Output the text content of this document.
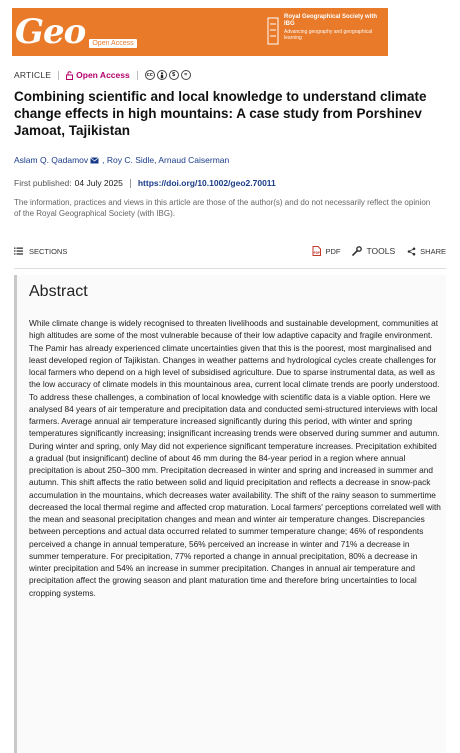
Geo	Open Access
Royal Geographical Society with IBG
Advancing geography and geographical learning
ARTICLE	Open Access	cc	$	=
Combining scientific and local knowledge to understand climate change effects in high mountains: A case study from Porshinev Jamoat, Tajikistan
Aslam Q. Qadamov , Roy C. Sidle, Arnaud Caiserman
First published: 04 July 2025 https://doi.org/10.1002/geo2.70011
The information, practices and views in this article are those of the author(s) and do not necessarily reflect the opinion of the Royal Geographical Society (with IBG).
SECTIONS	PDF PDF	TOOLS	SHARE
Abstract

While climate change is widely recognised to threaten livelihoods and sustainable development, communities at high altitudes are some of the most vulnerable because of their low adaptive capacity and fragile environment. The Pamir has already experienced climate uncertainties given that this is the poorest, most marginalised and least developed region of Tajikistan. Changes in weather patterns and hydrological cycles create challenges for local farmers who depend on a high level of subsidised agriculture. Due to sparse instrumental data, as well as the low accuracy of climate models in this mountainous area, current local climate trends are poorly understood. To address these challenges, a combination of local knowledge with scientific data is a viable option. Here we analysed 84 years of air temperature and precipitation data and conducted semi-structured interviews with local farmers. Average annual air temperature increased significantly during this period, with winter and spring temperatures significantly increasing; insignificant increasing trends were observed during summer and autumn. During winter and spring, only May did not experience significant temperature increases. Precipitation exhibited a gradual (but insignificant) decline of about 46 mm during the 84-year period in a region where annual precipitation is about 250–300 mm. Precipitation decreased in winter and spring and increased in summer and autumn. This shift affects the ratio between solid and liquid precipitation and reflects a decrease in snow-pack accumulation in the mountains, which decreases water availability. The shift of the rainy season to summertime decreased the local thermal regime and affected crop maturation. Local farmers' perceptions correlated well with the mean and seasonal precipitation changes and mean and winter air temperature changes. Discrepancies between perceptions and actual data occurred related to summer temperature change; 46% of respondents perceived a change in annual temperature, 56% perceived an increase in winter and 71% a decrease in summer temperature. For precipitation, 77% reported a change in annual precipitation, 80% a decrease in winter precipitation and 54% an increase in summer precipitation. Changes in annual air temperature and precipitation affect the growing season and plant maturation time and therefore bring uncertainties to local cropping systems.
